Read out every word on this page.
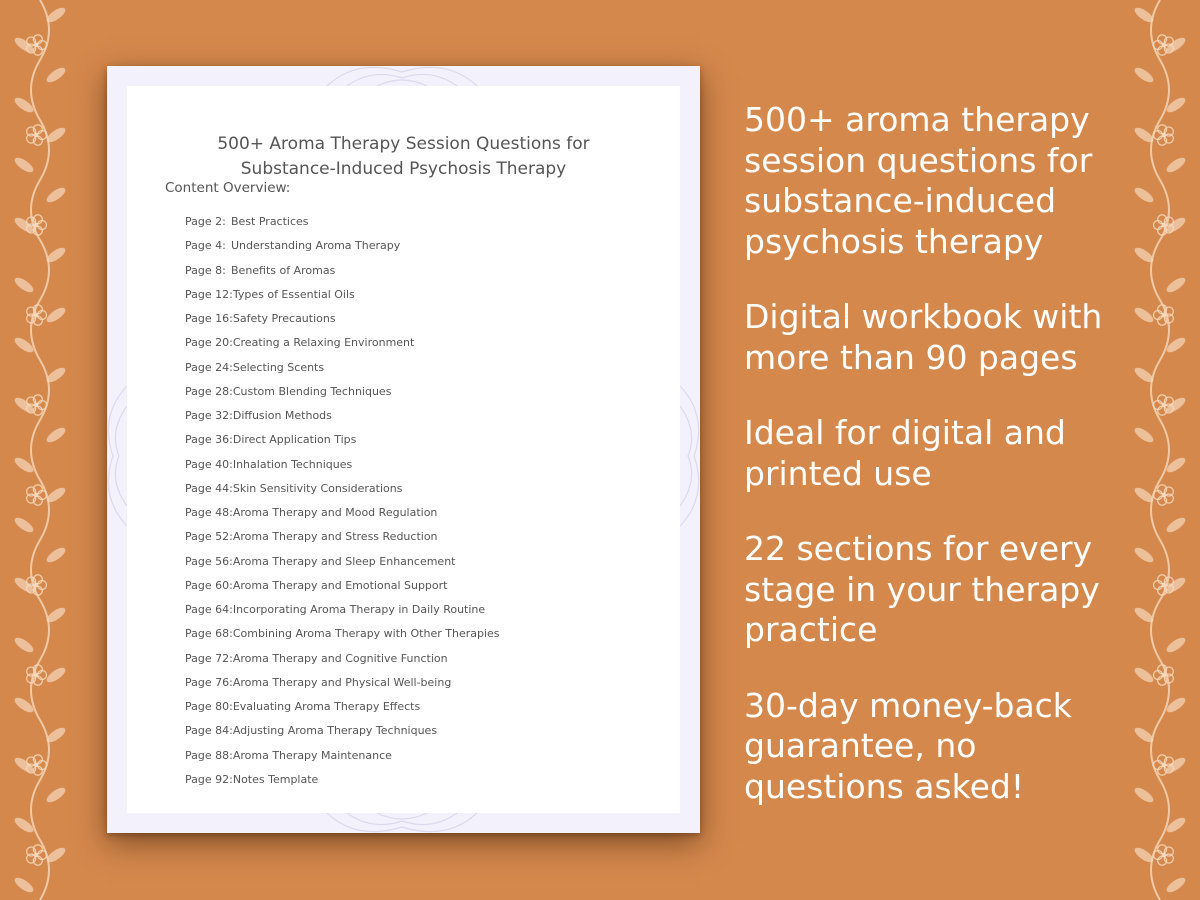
500+ Aroma Therapy Session Questions for
Substance-Induced Psychosis Therapy
Content Overview:
Page 2: Best Practices
Page 4: Understanding Aroma Therapy
Page 8: Benefits of Aromas
Page 12:Types of Essential Oils
Page 16:Safety Precautions
Page 20:Creating a Relaxing Environment
Page 24:Selecting Scents
Page 28:Custom Blending Techniques
Page 32:Diffusion Methods
Page 36:Direct Application Tips
Page 40:Inhalation Techniques
Page 44:Skin Sensitivity Considerations
Page 48:Aroma Therapy and Mood Regulation
Page 52:Aroma Therapy and Stress Reduction
Page 56:Aroma Therapy and Sleep Enhancement
Page 60:Aroma Therapy and Emotional Support
Page 64:Incorporating Aroma Therapy in Daily Routine
Page 68:Combining Aroma Therapy with Other Therapies
Page 72:Aroma Therapy and Cognitive Function
Page 76:Aroma Therapy and Physical Well-being
Page 80:Evaluating Aroma Therapy Effects
Page 84:Adjusting Aroma Therapy Techniques
Page 88:Aroma Therapy Maintenance
Page 92:Notes Template

500+ aroma therapy session questions for substance-induced psychosis therapy

Digital workbook with more than 90 pages

Ideal for digital and printed use

22 sections for every stage in your therapy practice

30-day money-back guarantee, no questions asked!
